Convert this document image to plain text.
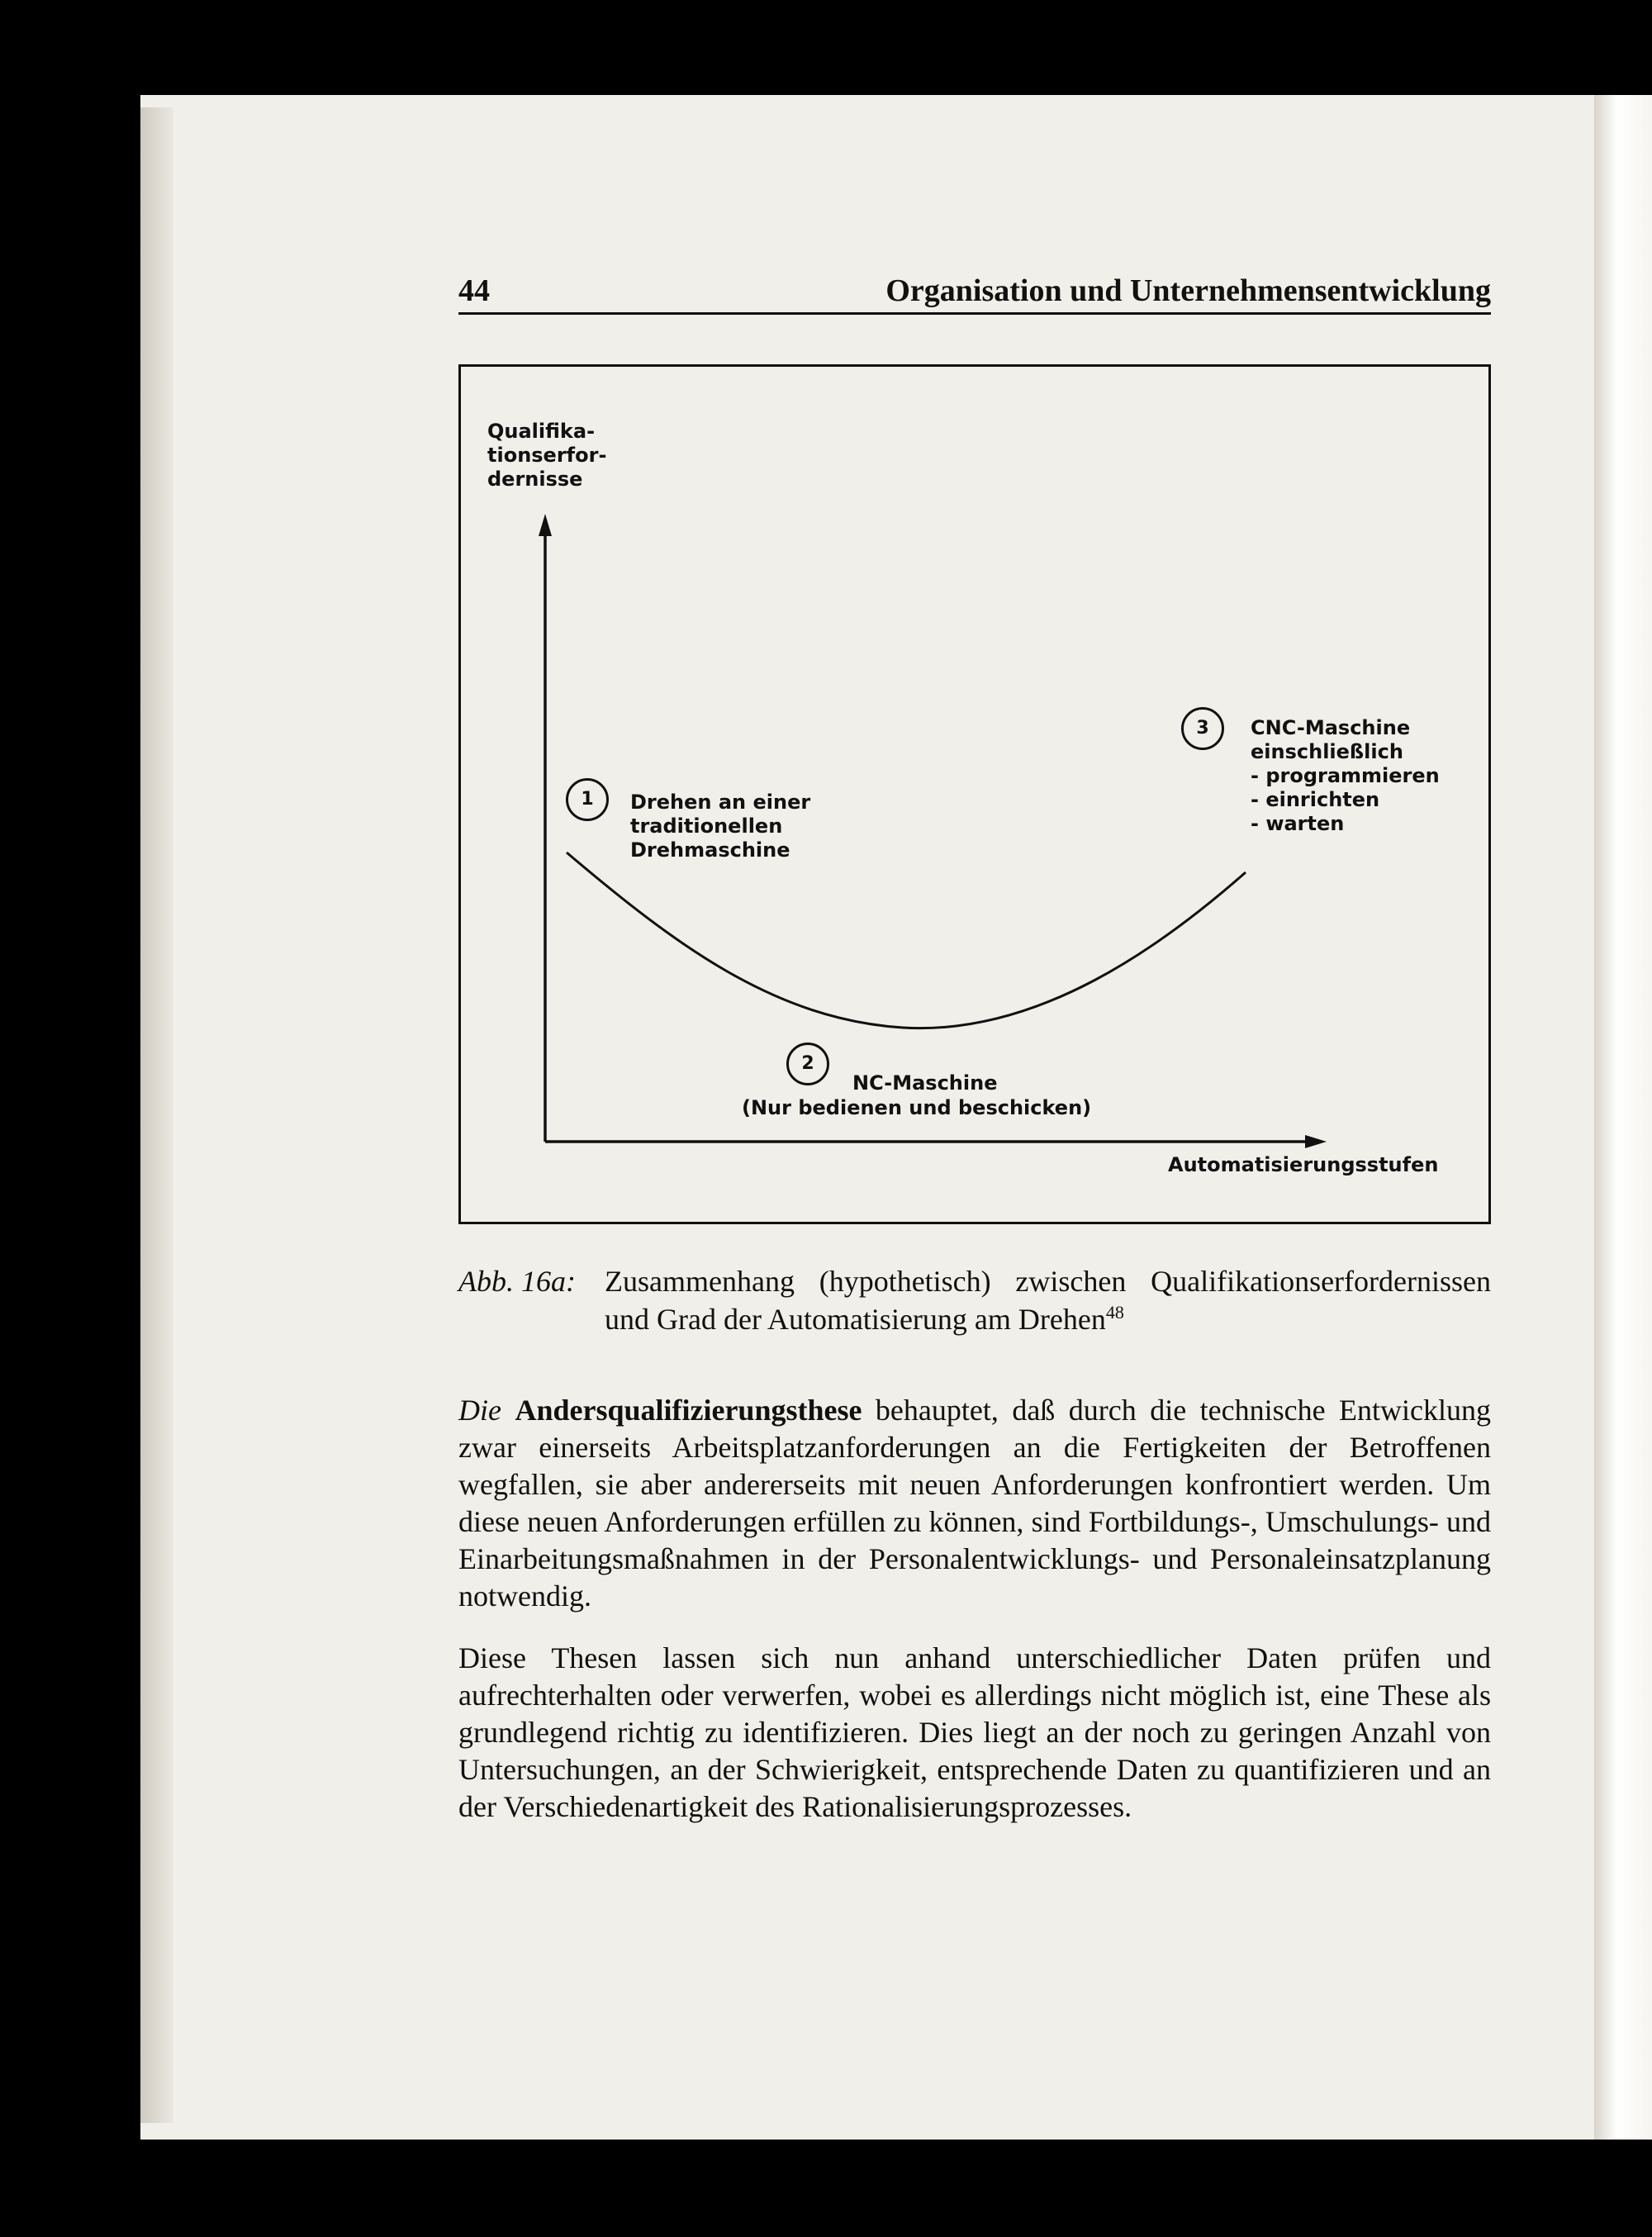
44	Organisation und Unternehmensentwicklung
Qualifika-
tionserfor-
dernisse
Automatisierungsstufen
1	Drehen an einer
traditionellen
Drehmaschine
2
NC-Maschine
(Nur bedienen und beschicken)
3	CNC-Maschine
einschließlich
- programmieren
- einrichten
- warten
Abb. 16a: Zusammenhang (hypothetisch) zwischen Qualifikationserfordernissen und Grad der Automatisierung am Drehen$^{48}$
Die Andersqualifizierungsthese behauptet, daß durch die technische Entwicklung zwar einerseits Arbeitsplatzanforderungen an die Fertigkeiten der Betroffenen wegfallen, sie aber andererseits mit neuen Anforderungen konfrontiert werden. Um diese neuen Anforderungen erfüllen zu können, sind Fortbildungs-, Umschulungs- und Einarbeitungsmaßnahmen in der Personalentwicklungs- und Personaleinsatzplanung notwendig.
Diese Thesen lassen sich nun anhand unterschiedlicher Daten prüfen und aufrechterhalten oder verwerfen, wobei es allerdings nicht möglich ist, eine These als grundlegend richtig zu identifizieren. Dies liegt an der noch zu geringen Anzahl von Untersuchungen, an der Schwierigkeit, entsprechende Daten zu quantifizieren und an der Verschiedenartigkeit des Rationalisierungsprozesses.
